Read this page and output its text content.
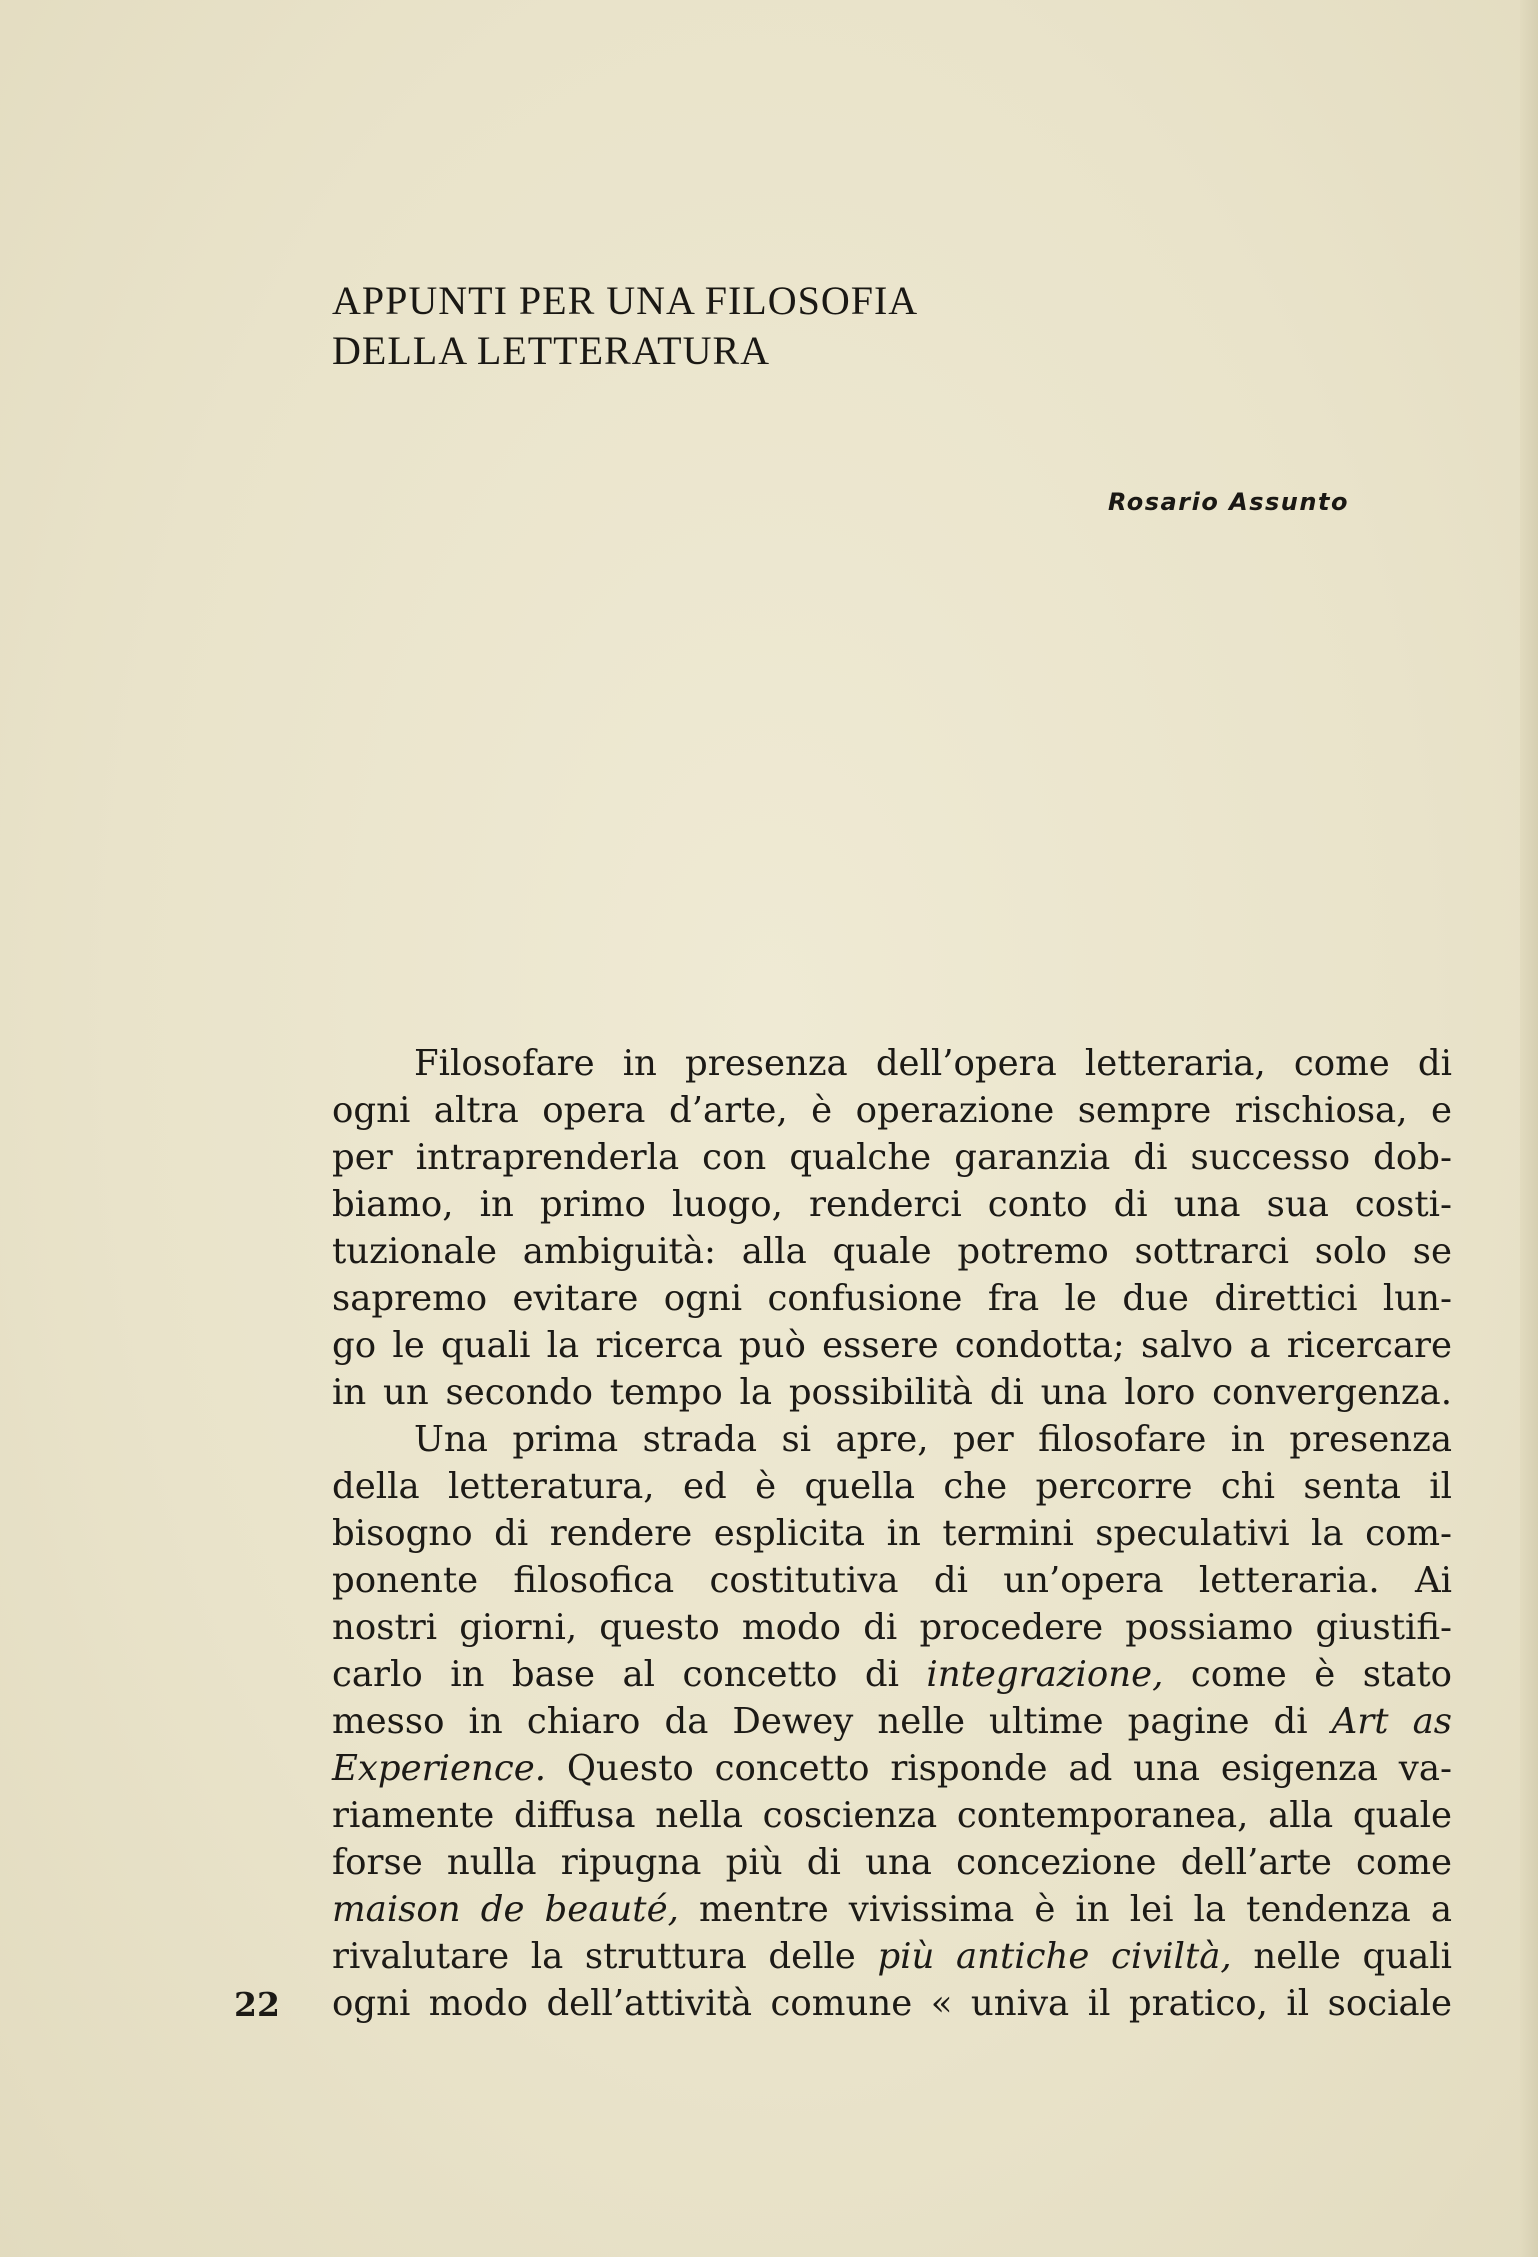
APPUNTI PER UNA FILOSOFIA
DELLA LETTERATURA
Rosario Assunto
Filosofare in presenza dell’opera letteraria, come di
ogni altra opera d’arte, è operazione sempre rischiosa, e
per intraprenderla con qualche garanzia di successo dob-
biamo, in primo luogo, renderci conto di una sua costi-
tuzionale ambiguità: alla quale potremo sottrarci solo se
sapremo evitare ogni confusione fra le due direttici lun-
go le quali la ricerca può essere condotta; salvo a ricercare
in un secondo tempo la possibilità di una loro convergenza.
Una prima strada si apre, per filosofare in presenza
della letteratura, ed è quella che percorre chi senta il
bisogno di rendere esplicita in termini speculativi la com-
ponente filosofica costitutiva di un’opera letteraria. Ai
nostri giorni, questo modo di procedere possiamo giustifi-
carlo in base al concetto di integrazione, come è stato
messo in chiaro da Dewey nelle ultime pagine di Art as
Experience. Questo concetto risponde ad una esigenza va-
riamente diffusa nella coscienza contemporanea, alla quale
forse nulla ripugna più di una concezione dell’arte come
maison de beauté, mentre vivissima è in lei la tendenza a
rivalutare la struttura delle più antiche civiltà, nelle quali
ogni modo dell’attività comune « univa il pratico, il sociale
22
